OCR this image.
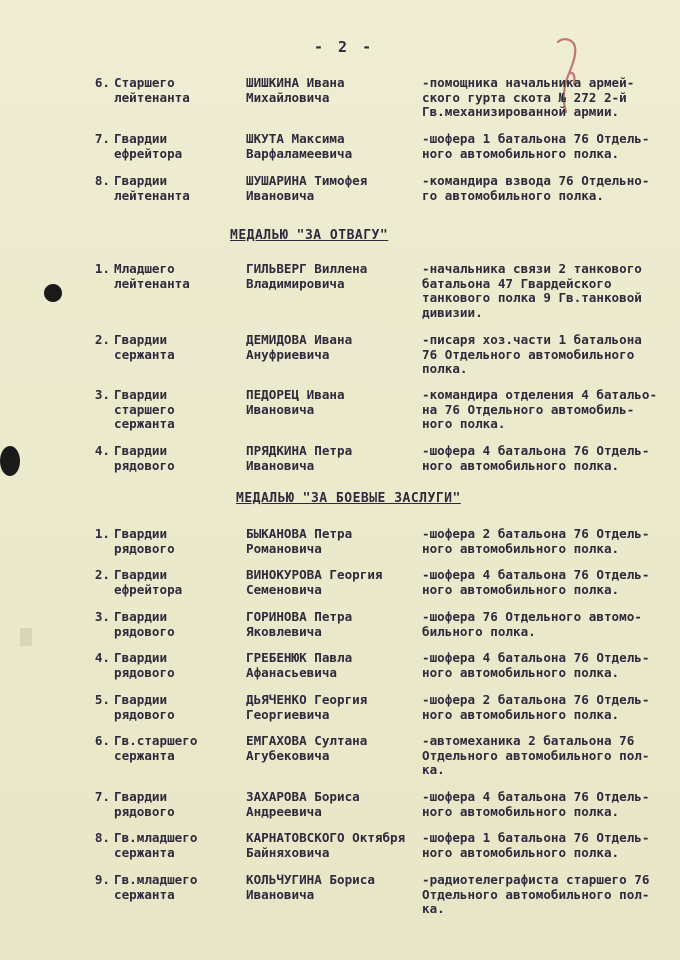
- 2 -
6. Старшего
лейтенанта
ШИШКИНА Ивана
Михайловича
-помощника начальника армей-
ского гурта скота № 272 2-й
Гв.механизированной армии.
7. Гвардии
ефрейтора
ШКУТА Максима
Варфаламеевича
-шофера 1 батальона 76 Отдель-
ного автомобильного полка.
8. Гвардии
лейтенанта
ШУШАРИНА Тимофея
Ивановича
-командира взвода 76 Отдельно-
го автомобильного полка.
МЕДАЛЬЮ "ЗА ОТВАГУ"
1. Младшего
лейтенанта
ГИЛЬВЕРГ Виллена
Владимировича
-начальника связи 2 танкового
батальона 47 Гвардейского
танкового полка 9 Гв.танковой
дивизии.
2. Гвардии
сержанта
ДЕМИДОВА Ивана
Ануфриевича
-писаря хоз.части 1 батальона
76 Отдельного автомобильного
полка.
3. Гвардии
старшего
сержанта
ПЕДОРЕЦ Ивана
Ивановича
-командира отделения 4 батальо-
на 76 Отдельного автомобиль-
ного полка.
4. Гвардии
рядового
ПРЯДКИНА Петра
Ивановича
-шофера 4 батальона 76 Отдель-
ного автомобильного полка.
МЕДАЛЬЮ "ЗА БОЕВЫЕ ЗАСЛУГИ"
1. Гвардии
рядового
БЫКАНОВА Петра
Романовича
-шофера 2 батальона 76 Отдель-
ного автомобильного полка.
2. Гвардии
ефрейтора
ВИНОКУРОВА Георгия
Семеновича
-шофера 4 батальона 76 Отдель-
ного автомобильного полка.
3. Гвардии
рядового
ГОРИНОВА Петра
Яковлевича
-шофера 76 Отдельного автомо-
бильного полка.
4. Гвардии
рядового
ГРЕБЕНЮК Павла
Афанасьевича
-шофера 4 батальона 76 Отдель-
ного автомобильного полка.
5. Гвардии
рядового
ДЬЯЧЕНКО Георгия
Георгиевича
-шофера 2 батальона 76 Отдель-
ного автомобильного полка.
6. Гв.старшего
сержанта
ЕМГАХОВА Султана
Агубековича
-автомеханика 2 батальона 76
Отдельного автомобильного пол-
ка.
7. Гвардии
рядового
ЗАХАРОВА Бориса
Андреевича
-шофера 4 батальона 76 Отдель-
ного автомобильного полка.
8. Гв.младшего
сержанта
КАРНАТОВСКОГО Октября
Байняховича
-шофера 1 батальона 76 Отдель-
ного автомобильного полка.
9. Гв.младшего
сержанта
КОЛЬЧУГИНА Бориса
Ивановича
-радиотелеграфиста старшего 76
Отдельного автомобильного пол-
ка.
